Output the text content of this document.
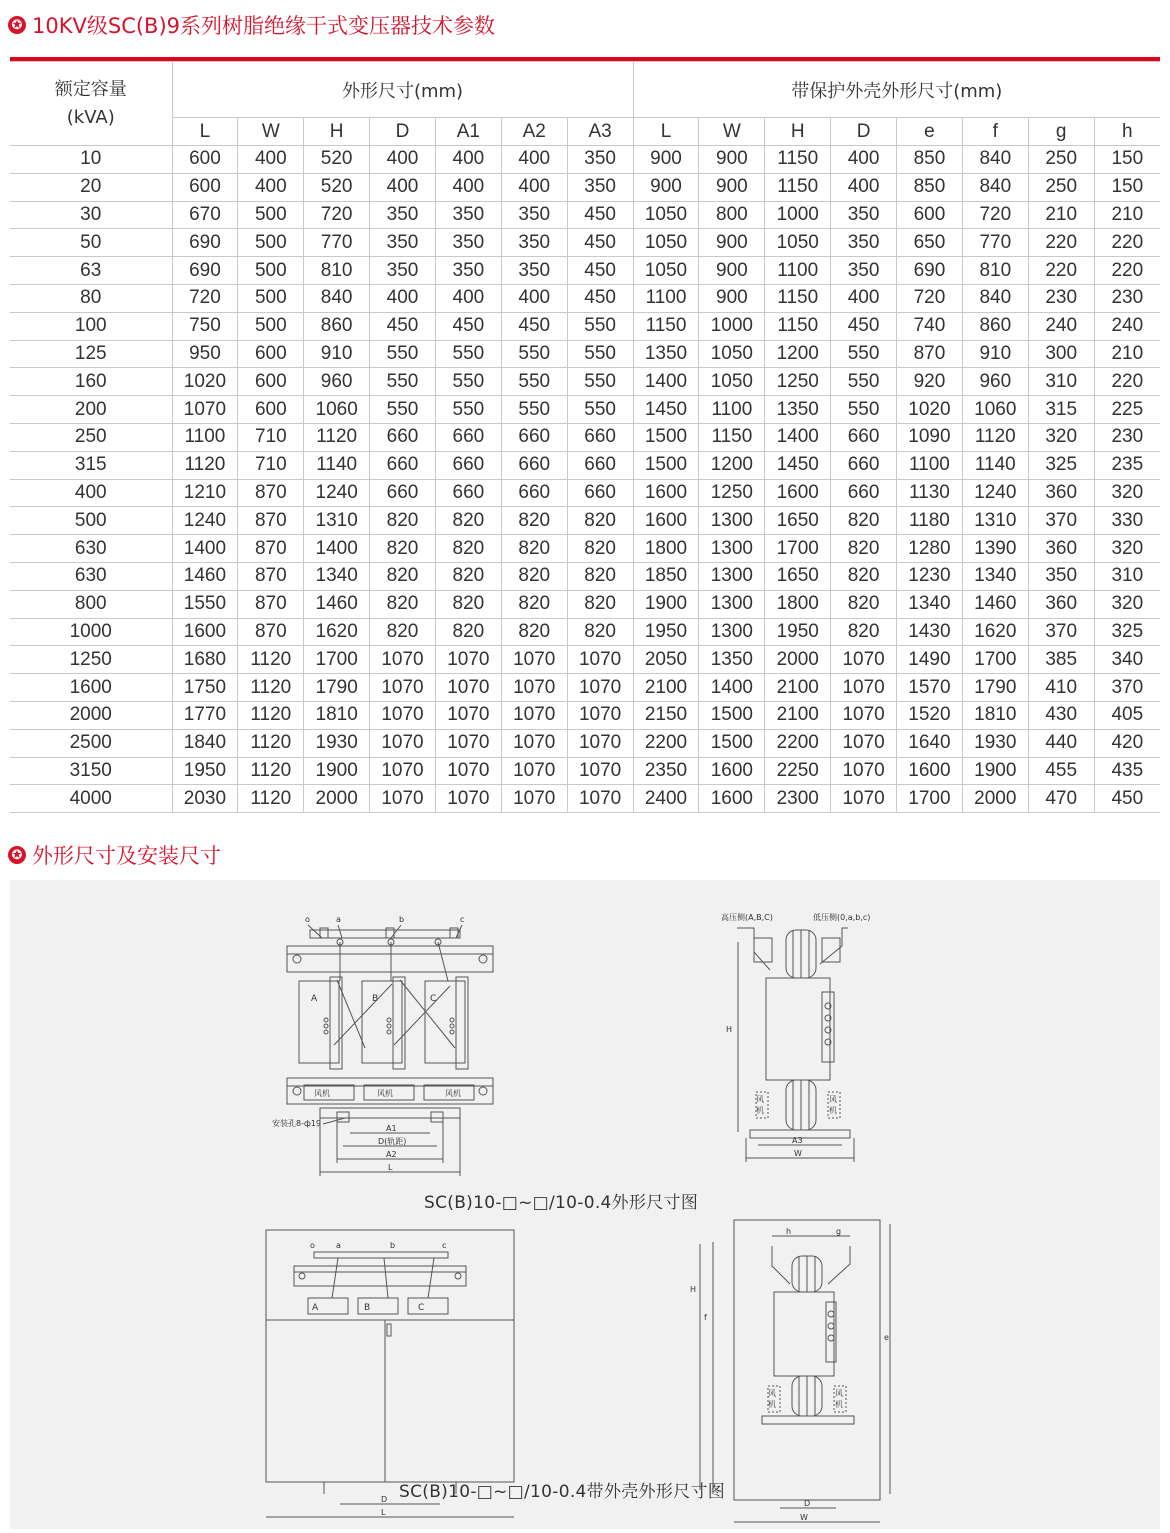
✪ 10KV级SC(B)9系列树脂绝缘干式变压器技术参数
额定容量
(kVA)	外形尺寸(mm)							带保护外壳外形尺寸(mm)							
	L	W	H	D	A1	A2	A3	L	W	H	D	e	f	g	h
10	600	400	520	400	400	400	350	900	900	1150	400	850	840	250	150
20	600	400	520	400	400	400	350	900	900	1150	400	850	840	250	150
30	670	500	720	350	350	350	450	1050	800	1000	350	600	720	210	210
50	690	500	770	350	350	350	450	1050	900	1050	350	650	770	220	220
63	690	500	810	350	350	350	450	1050	900	1100	350	690	810	220	220
80	720	500	840	400	400	400	450	1100	900	1150	400	720	840	230	230
100	750	500	860	450	450	450	550	1150	1000	1150	450	740	860	240	240
125	950	600	910	550	550	550	550	1350	1050	1200	550	870	910	300	210
160	1020	600	960	550	550	550	550	1400	1050	1250	550	920	960	310	220
200	1070	600	1060	550	550	550	550	1450	1100	1350	550	1020	1060	315	225
250	1100	710	1120	660	660	660	660	1500	1150	1400	660	1090	1120	320	230
315	1120	710	1140	660	660	660	660	1500	1200	1450	660	1100	1140	325	235
400	1210	870	1240	660	660	660	660	1600	1250	1600	660	1130	1240	360	320
500	1240	870	1310	820	820	820	820	1600	1300	1650	820	1180	1310	370	330
630	1400	870	1400	820	820	820	820	1800	1300	1700	820	1280	1390	360	320
630	1460	870	1340	820	820	820	820	1850	1300	1650	820	1230	1340	350	310
800	1550	870	1460	820	820	820	820	1900	1300	1800	820	1340	1460	360	320
1000	1600	870	1620	820	820	820	820	1950	1300	1950	820	1430	1620	370	325
1250	1680	1120	1700	1070	1070	1070	1070	2050	1350	2000	1070	1490	1700	385	340
1600	1750	1120	1790	1070	1070	1070	1070	2100	1400	2100	1070	1570	1790	410	370
2000	1770	1120	1810	1070	1070	1070	1070	2150	1500	2100	1070	1520	1810	430	405
2500	1840	1120	1930	1070	1070	1070	1070	2200	1500	2200	1070	1640	1930	440	420
3150	1950	1120	1900	1070	1070	1070	1070	2350	1600	2250	1070	1600	1900	455	435
4000	2030	1120	2000	1070	1070	1070	1070	2400	1600	2300	1070	1700	2000	470	450
✪ 外形尺寸及安装尺寸
o	a	b	c
A	B	C
风机	风机	风机
安装孔8-ф19
A1
D(轨距)
A2
L
高压侧(A,B,C)	低压侧(0,a,b,c)
风
机
风
机
H
A3
W
o	a	b	c
A	B	C
D
L
h	g
风
机
风
机
H
f
e
D
W
SC(B)10-□~□/10-0.4外形尺寸图
SC(B)10-□~□/10-0.4带外壳外形尺寸图
